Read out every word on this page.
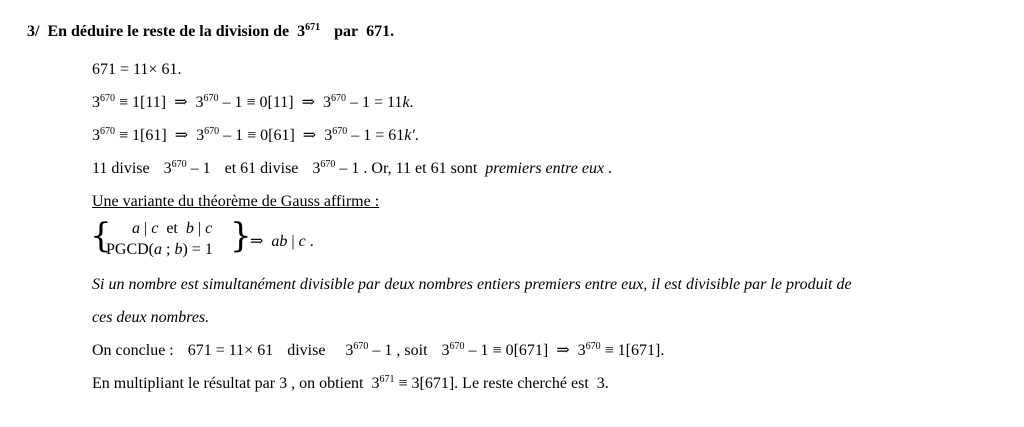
3/ En déduire le reste de la division de $3^{671}$ par 671.
671 = 11× 61.
$3^{670} \equiv 1[11]$ ⇒ $3^{670} - 1 \equiv 0[11]$ ⇒ $3^{670} - 1 = 11k$.
$3^{670} \equiv 1[61]$ ⇒ $3^{670} - 1 \equiv 0[61]$ ⇒ $3^{670} - 1 = 61k'$.
11 divise $3^{670} - 1$ et 61 divise $3^{670} - 1$ . Or, 11 et 61 sont premiers entre eux .
Une variante du théorème de Gauss affirme :
{ a | c et b | c
PGCD(a ; b) = 1 }
⇒ ab | c .
Si un nombre est simultanément divisible par deux nombres entiers premiers entre eux, il est divisible par le produit de
ces deux nombres.
On conclue : 671 = 11× 61 divise $3^{670} - 1$ , soit $3^{670} - 1 \equiv 0[671]$ ⇒ $3^{670} \equiv 1[671]$.
En multipliant le résultat par 3 , on obtient $3^{671} \equiv 3[671]$. Le reste cherché est 3.
